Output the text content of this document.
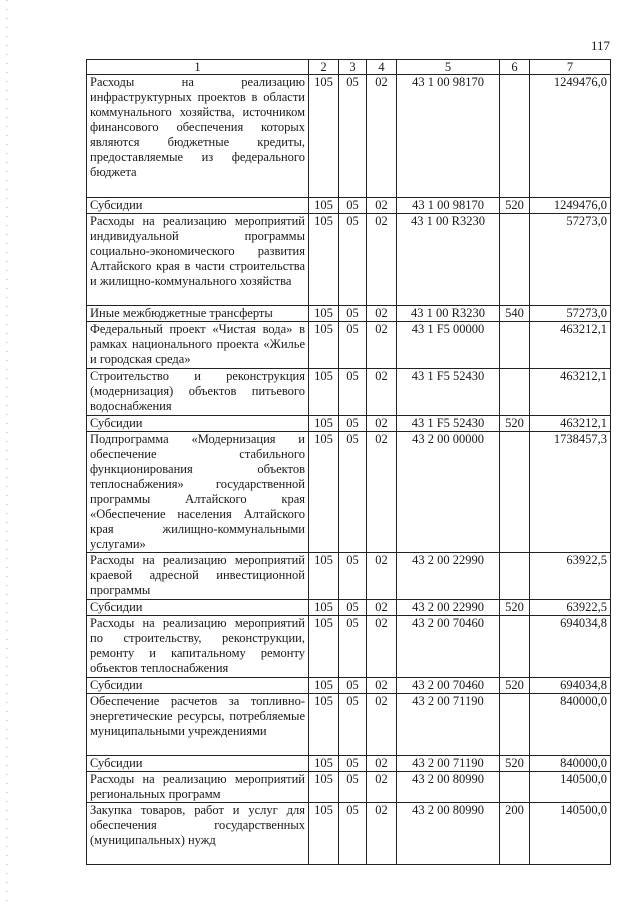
117
1	2	3	4	5	6	7
Расходы на реализацию инфраструктурных проектов в области коммунального хозяйства, источником финансового обеспечения которых являются бюджетные кредиты, предоставляемые из федерального бюджета	105	05	02	43 1 00 98170		1249476,0
Субсидии	105	05	02	43 1 00 98170	520	1249476,0
Расходы на реализацию мероприятий индивидуальной программы социально-экономического развития Алтайского края в части строительства и жилищно-коммунального хозяйства	105	05	02	43 1 00 R3230		57273,0
Иные межбюджетные трансферты	105	05	02	43 1 00 R3230	540	57273,0
Федеральный проект «Чистая вода» в рамках национального проекта «Жилье и городская среда»	105	05	02	43 1 F5 00000		463212,1
Строительство и реконструкция (модернизация) объектов питьевого водоснабжения	105	05	02	43 1 F5 52430		463212,1
Субсидии	105	05	02	43 1 F5 52430	520	463212,1
Подпрограмма «Модернизация и обеспечение стабильного функционирования объектов теплоснабжения» государственной программы Алтайского края «Обеспечение населения Алтайского края жилищно-коммунальными услугами»	105	05	02	43 2 00 00000		1738457,3
Расходы на реализацию мероприятий краевой адресной инвестиционной программы	105	05	02	43 2 00 22990		63922,5
Субсидии	105	05	02	43 2 00 22990	520	63922,5
Расходы на реализацию мероприятий по строительству, реконструкции, ремонту и капитальному ремонту объектов теплоснабжения	105	05	02	43 2 00 70460		694034,8
Субсидии	105	05	02	43 2 00 70460	520	694034,8
Обеспечение расчетов за топливно-энергетические ресурсы, потребляемые муниципальными учреждениями	105	05	02	43 2 00 71190		840000,0
Субсидии	105	05	02	43 2 00 71190	520	840000,0
Расходы на реализацию мероприятий региональных программ	105	05	02	43 2 00 80990		140500,0
Закупка товаров, работ и услуг для обеспечения государственных (муниципальных) нужд	105	05	02	43 2 00 80990	200	140500,0
